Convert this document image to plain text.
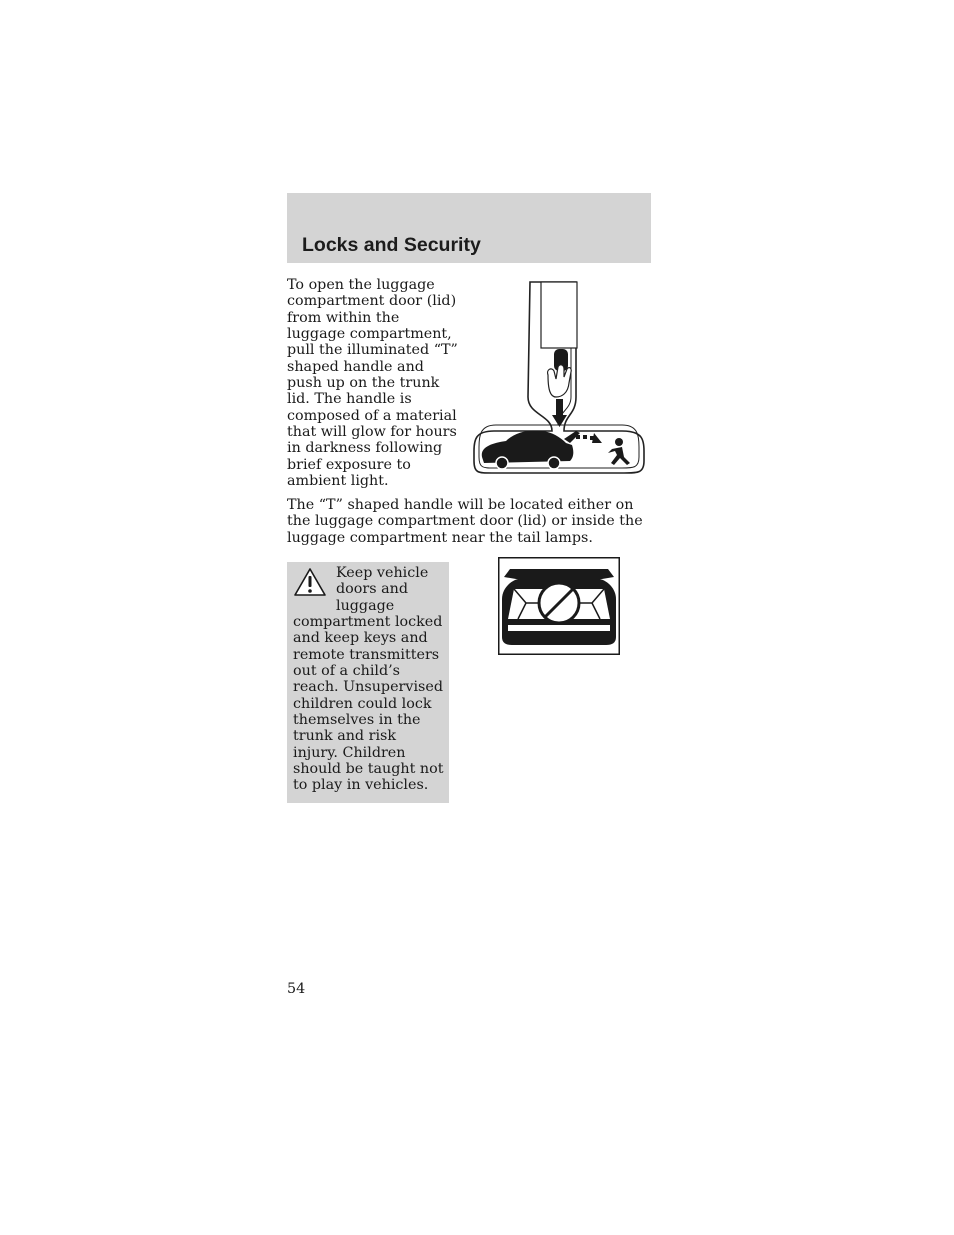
Locks and Security

To open the luggage compartment door (lid) from within the luggage compartment, pull the illuminated “T” shaped handle and push up on the trunk lid. The handle is composed of a material that will glow for hours in darkness following brief exposure to ambient light.

The “T” shaped handle will be located either on the luggage compartment door (lid) or inside the luggage compartment near the tail lamps.

Keep vehicle doors and luggage compartment locked and keep keys and remote transmitters out of a child’s reach. Unsupervised children could lock themselves in the trunk and risk injury. Children should be taught not to play in vehicles.

54
